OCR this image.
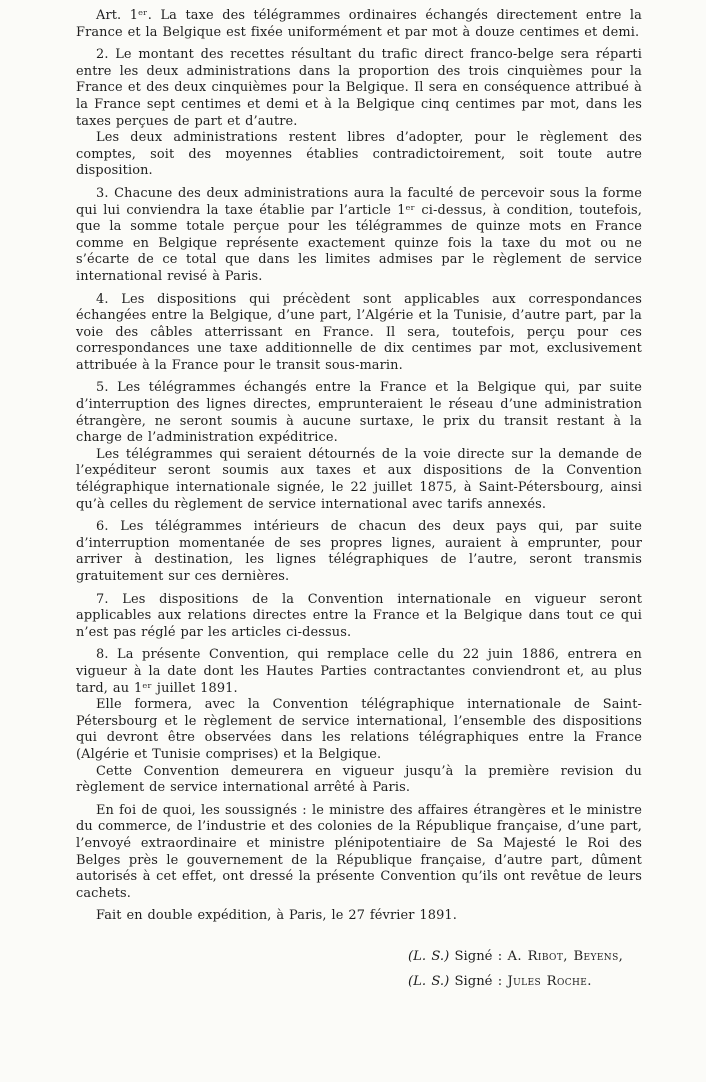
Art. 1ᵉʳ. La taxe des télégrammes ordinaires échangés directement entre la France et la Belgique est fixée uniformément et par mot à douze centimes et demi.

2. Le montant des recettes résultant du trafic direct franco-belge sera réparti entre les deux administrations dans la proportion des trois cinquièmes pour la France et des deux cinquièmes pour la Belgique. Il sera en conséquence attribué à la France sept centimes et demi et à la Belgique cinq centimes par mot, dans les taxes perçues de part et d’autre.

Les deux administrations restent libres d’adopter, pour le règlement des comptes, soit des moyennes établies contradictoirement, soit toute autre disposition.

3. Chacune des deux administrations aura la faculté de percevoir sous la forme qui lui conviendra la taxe établie par l’article 1ᵉʳ ci-dessus, à condition, toutefois, que la somme totale perçue pour les télégrammes de quinze mots en France comme en Belgique représente exactement quinze fois la taxe du mot ou ne s’écarte de ce total que dans les limites admises par le règlement de service international revisé à Paris.

4. Les dispositions qui précèdent sont applicables aux correspondances échangées entre la Belgique, d’une part, l’Algérie et la Tunisie, d’autre part, par la voie des câbles atterrissant en France. Il sera, toutefois, perçu pour ces correspondances une taxe additionnelle de dix centimes par mot, exclusivement attribuée à la France pour le transit sous-marin.

5. Les télégrammes échangés entre la France et la Belgique qui, par suite d’interruption des lignes directes, emprunteraient le réseau d’une administration étrangère, ne seront soumis à aucune surtaxe, le prix du transit restant à la charge de l’administration expéditrice.

Les télégrammes qui seraient détournés de la voie directe sur la demande de l’expéditeur seront soumis aux taxes et aux dispositions de la Convention télégraphique internationale signée, le 22 juillet 1875, à Saint-Pétersbourg, ainsi qu’à celles du règlement de service international avec tarifs annexés.

6. Les télégrammes intérieurs de chacun des deux pays qui, par suite d’interruption momentanée de ses propres lignes, auraient à emprunter, pour arriver à destination, les lignes télégraphiques de l’autre, seront transmis gratuitement sur ces dernières.

7. Les dispositions de la Convention internationale en vigueur seront applicables aux relations directes entre la France et la Belgique dans tout ce qui n’est pas réglé par les articles ci-dessus.

8. La présente Convention, qui remplace celle du 22 juin 1886, entrera en vigueur à la date dont les Hautes Parties contractantes conviendront et, au plus tard, au 1ᵉʳ juillet 1891.

Elle formera, avec la Convention télégraphique internationale de Saint-Pétersbourg et le règlement de service international, l’ensemble des dispositions qui devront être observées dans les relations télégraphiques entre la France (Algérie et Tunisie comprises) et la Belgique.

Cette Convention demeurera en vigueur jusqu’à la première revision du règlement de service international arrêté à Paris.

En foi de quoi, les soussignés : le ministre des affaires étrangères et le ministre du commerce, de l’industrie et des colonies de la République française, d’une part, l’envoyé extraordinaire et ministre plénipotentiaire de Sa Majesté le Roi des Belges près le gouvernement de la République française, d’autre part, dûment autorisés à cet effet, ont dressé la présente Convention qu’ils ont revêtue de leurs cachets.

Fait en double expédition, à Paris, le 27 février 1891.

(L. S.) Signé : A. Ribot, Beyens,
(L. S.) Signé : Jules Roche.
